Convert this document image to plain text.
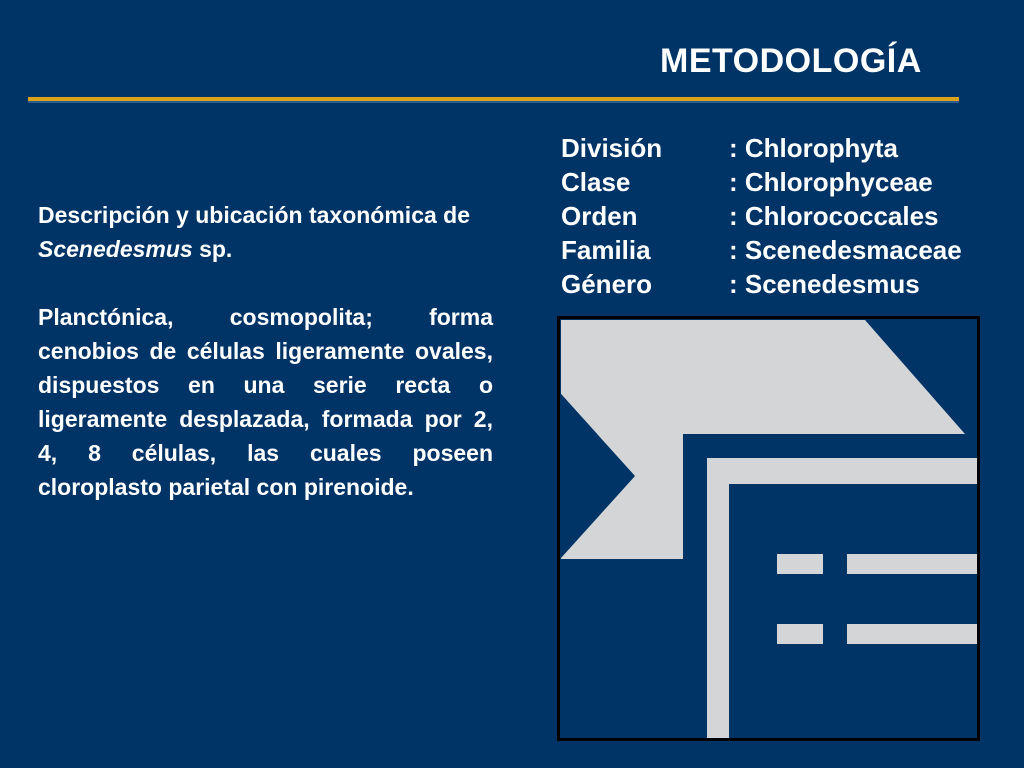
METODOLOGÍA

Descripción y ubicación taxonómica de Scenedesmus sp.

Planctónica, cosmopolita; forma cenobios de células ligeramente ovales, dispuestos en una serie recta o ligeramente desplazada, formada por 2, 4, 8 células, las cuales poseen cloroplasto parietal con pirenoide.

División	: Chlorophyta
Clase	: Chlorophyceae
Orden	: Chlorococcales
Familia	: Scenedesmaceae
Género	: Scenedesmus
